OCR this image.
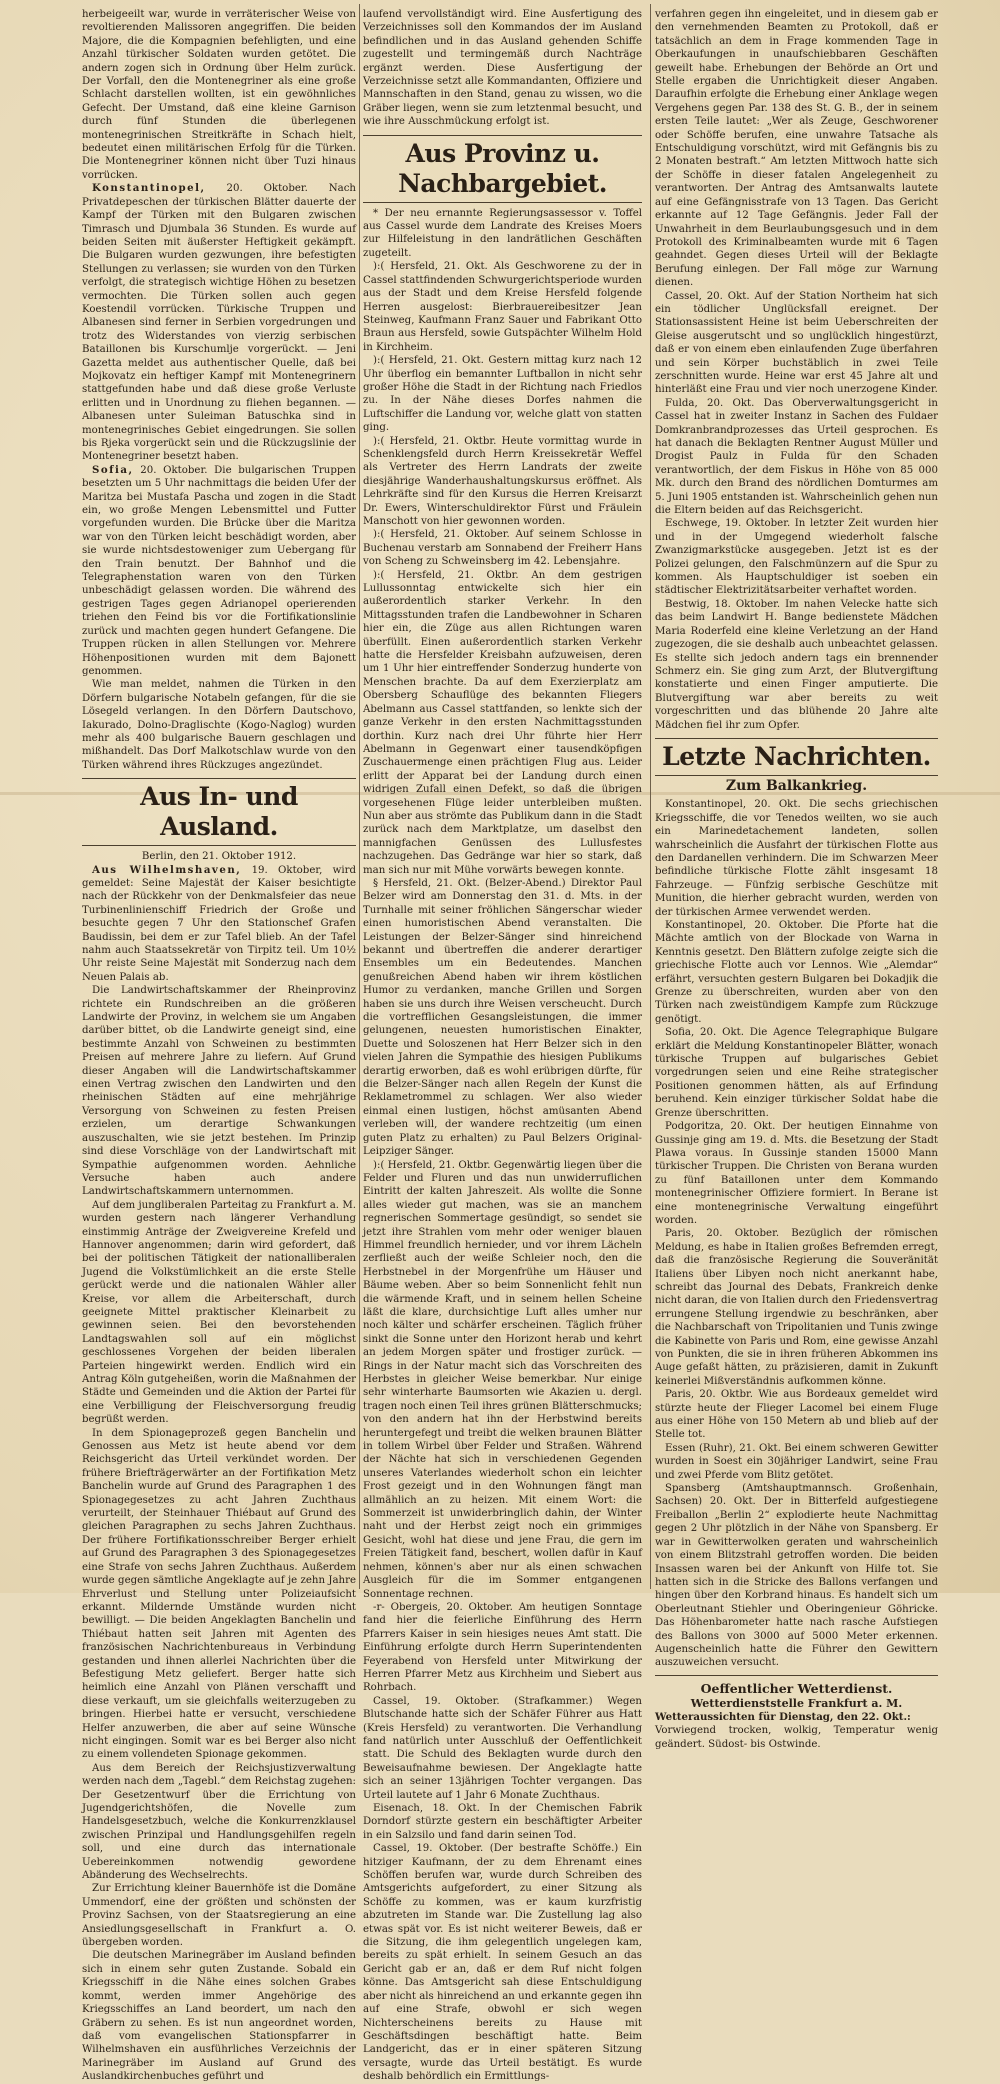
herbeigeeilt war, wurde in verräterischer Weise von revoltierenden Malissoren angegriffen. Die beiden Majore, die die Kompagnien befehligten, und eine Anzahl türkischer Soldaten wurden getötet. Die andern zogen sich in Ordnung über Helm zurück. Der Vorfall, den die Montenegriner als eine große Schlacht darstellen wollten, ist ein gewöhnliches Gefecht. Der Umstand, daß eine kleine Garnison durch fünf Stunden die überlegenen montenegrinischen Streitkräfte in Schach hielt, bedeutet einen militärischen Erfolg für die Türken. Die Montenegriner können nicht über Tuzi hinaus vorrücken.

Konstantinopel, 20. Oktober. Nach Privatdepeschen der türkischen Blätter dauerte der Kampf der Türken mit den Bulgaren zwischen Timrasch und Djumbala 36 Stunden. Es wurde auf beiden Seiten mit äußerster Heftigkeit gekämpft. Die Bulgaren wurden gezwungen, ihre befestigten Stellungen zu verlassen; sie wurden von den Türken verfolgt, die strategisch wichtige Höhen zu besetzen vermochten. Die Türken sollen auch gegen Koestendil vorrücken. Türkische Truppen und Albanesen sind ferner in Serbien vorgedrungen und trotz des Widerstandes von vierzig serbischen Bataillonen bis Kurschumlje vorgerückt. — Jeni Gazetta meldet aus authentischer Quelle, daß bei Mojkovatz ein heftiger Kampf mit Montenegrinern stattgefunden habe und daß diese große Verluste erlitten und in Unordnung zu fliehen begannen. — Albanesen unter Suleiman Batuschka sind in montenegrinisches Gebiet eingedrungen. Sie sollen bis Rjeka vorgerückt sein und die Rückzugslinie der Montenegriner besetzt haben.

Sofia, 20. Oktober. Die bulgarischen Truppen besetzten um 5 Uhr nachmittags die beiden Ufer der Maritza bei Mustafa Pascha und zogen in die Stadt ein, wo große Mengen Lebensmittel und Futter vorgefunden wurden. Die Brücke über die Maritza war von den Türken leicht beschädigt worden, aber sie wurde nichtsdestoweniger zum Uebergang für den Train benutzt. Der Bahnhof und die Telegraphenstation waren von den Türken unbeschädigt gelassen worden. Die während des gestrigen Tages gegen Adrianopel operierenden triehen den Feind bis vor die Fortifikationslinie zurück und machten gegen hundert Gefangene. Die Truppen rücken in allen Stellungen vor. Mehrere Höhenpositionen wurden mit dem Bajonett genommen.

Wie man meldet, nahmen die Türken in den Dörfern bulgarische Notabeln gefangen, für die sie Lösegeld verlangen. In den Dörfern Dautschovo, Iakurado, Dolno-Draglischte (Kogo-Naglog) wurden mehr als 400 bulgarische Bauern geschlagen und mißhandelt. Das Dorf Malkotschlaw wurde von den Türken während ihres Rückzuges angezündet.

Aus In- und Ausland.

Berlin, den 21. Oktober 1912.

Aus Wilhelmshaven, 19. Oktober, wird gemeldet: Seine Majestät der Kaiser besichtigte nach der Rückkehr von der Denkmalsfeier das neue Turbinenlinienschiff Friedrich der Große und besuchte gegen 7 Uhr den Stationschef Grafen Baudissin, bei dem er zur Tafel blieb. An der Tafel nahm auch Staatssekretär von Tirpitz teil. Um 10½ Uhr reiste Seine Majestät mit Sonderzug nach dem Neuen Palais ab.

Die Landwirtschaftskammer der Rheinprovinz richtete ein Rundschreiben an die größeren Landwirte der Provinz, in welchem sie um Angaben darüber bittet, ob die Landwirte geneigt sind, eine bestimmte Anzahl von Schweinen zu bestimmten Preisen auf mehrere Jahre zu liefern. Auf Grund dieser Angaben will die Landwirtschaftskammer einen Vertrag zwischen den Landwirten und den rheinischen Städten auf eine mehrjährige Versorgung von Schweinen zu festen Preisen erzielen, um derartige Schwankungen auszuschalten, wie sie jetzt bestehen. Im Prinzip sind diese Vorschläge von der Landwirtschaft mit Sympathie aufgenommen worden. Aehnliche Versuche haben auch andere Landwirtschaftskammern unternommen.

Auf dem jungliberalen Parteitag zu Frankfurt a. M. wurden gestern nach längerer Verhandlung einstimmig Anträge der Zweigvereine Krefeld und Hannover angenommen; darin wird gefordert, daß bei der politischen Tätigkeit der nationalliberalen Jugend die Volkstümlichkeit an die erste Stelle gerückt werde und die nationalen Wähler aller Kreise, vor allem die Arbeiterschaft, durch geeignete Mittel praktischer Kleinarbeit zu gewinnen seien. Bei den bevorstehenden Landtagswahlen soll auf ein möglichst geschlossenes Vorgehen der beiden liberalen Parteien hingewirkt werden. Endlich wird ein Antrag Köln gutgeheißen, worin die Maßnahmen der Städte und Gemeinden und die Aktion der Partei für eine Verbilligung der Fleischversorgung freudig begrüßt werden.

In dem Spionageprozeß gegen Banchelin und Genossen aus Metz ist heute abend vor dem Reichsgericht das Urteil verkündet worden. Der frühere Briefträgerwärter an der Fortifikation Metz Banchelin wurde auf Grund des Paragraphen 1 des Spionagegesetzes zu acht Jahren Zuchthaus verurteilt, der Steinhauer Thiébaut auf Grund des gleichen Paragraphen zu sechs Jahren Zuchthaus. Der frühere Fortifikationsschreiber Berger erhielt auf Grund des Paragraphen 3 des Spionagegesetzes eine Strafe von sechs Jahren Zuchthaus. Außerdem wurde gegen sämtliche Angeklagte auf je zehn Jahre Ehrverlust und Stellung unter Polizeiaufsicht erkannt. Mildernde Umstände wurden nicht bewilligt. — Die beiden Angeklagten Banchelin und Thiébaut hatten seit Jahren mit Agenten des französischen Nachrichtenbureaus in Verbindung gestanden und ihnen allerlei Nachrichten über die Befestigung Metz geliefert. Berger hatte sich heimlich eine Anzahl von Plänen verschafft und diese verkauft, um sie gleichfalls weiterzugeben zu bringen. Hierbei hatte er versucht, verschiedene Helfer anzuwerben, die aber auf seine Wünsche nicht eingingen. Somit war es bei Berger also nicht zu einem vollendeten Spionage gekommen.

Aus dem Bereich der Reichsjustizverwaltung werden nach dem „Tagebl.“ dem Reichstag zugehen: Der Gesetzentwurf über die Errichtung von Jugendgerichtshöfen, die Novelle zum Handelsgesetzbuch, welche die Konkurrenzklausel zwischen Prinzipal und Handlungsgehilfen regeln soll, und eine durch das internationale Uebereinkommen notwendig gewordene Abänderung des Wechselrechts.

Zur Errichtung kleiner Bauernhöfe ist die Domäne Ummendorf, eine der größten und schönsten der Provinz Sachsen, von der Staatsregierung an eine Ansiedlungsgesellschaft in Frankfurt a. O. übergeben worden.

Die deutschen Marinegräber im Ausland befinden sich in einem sehr guten Zustande. Sobald ein Kriegsschiff in die Nähe eines solchen Grabes kommt, werden immer Angehörige des Kriegsschiffes an Land beordert, um nach den Gräbern zu sehen. Es ist nun angeordnet worden, daß vom evangelischen Stationspfarrer in Wilhelmshaven ein ausführliches Verzeichnis der Marinegräber im Ausland auf Grund des Auslandkirchenbuches geführt und

laufend vervollständigt wird. Eine Ausfertigung des Verzeichnisses soll den Kommandos der im Ausland befindlichen und in das Ausland gehenden Schiffe zugestellt und termingemäß durch Nachträge ergänzt werden. Diese Ausfertigung der Verzeichnisse setzt alle Kommandanten, Offiziere und Mannschaften in den Stand, genau zu wissen, wo die Gräber liegen, wenn sie zum letztenmal besucht, und wie ihre Ausschmückung erfolgt ist.

Aus Provinz u. Nachbargebiet.

* Der neu ernannte Regierungsassessor v. Toffel aus Cassel wurde dem Landrate des Kreises Moers zur Hilfeleistung in den landrätlichen Geschäften zugeteilt.

):( Hersfeld, 21. Okt. Als Geschworene zu der in Cassel stattfindenden Schwurgerichtsperiode wurden aus der Stadt und dem Kreise Hersfeld folgende Herren ausgelost: Bierbrauereibesitzer Jean Steinweg, Kaufmann Franz Sauer und Fabrikant Otto Braun aus Hersfeld, sowie Gutspächter Wilhelm Hold in Kirchheim.

):( Hersfeld, 21. Okt. Gestern mittag kurz nach 12 Uhr überflog ein bemannter Luftballon in nicht sehr großer Höhe die Stadt in der Richtung nach Friedlos zu. In der Nähe dieses Dorfes nahmen die Luftschiffer die Landung vor, welche glatt von statten ging.

):( Hersfeld, 21. Oktbr. Heute vormittag wurde in Schenklengsfeld durch Herrn Kreissekretär Weffel als Vertreter des Herrn Landrats der zweite diesjährige Wanderhaushaltungskursus eröffnet. Als Lehrkräfte sind für den Kursus die Herren Kreisarzt Dr. Ewers, Winterschuldirektor Fürst und Fräulein Manschott von hier gewonnen worden.

):( Hersfeld, 21. Oktober. Auf seinem Schlosse in Buchenau verstarb am Sonnabend der Freiherr Hans von Scheng zu Schweinsberg im 42. Lebensjahre.

):( Hersfeld, 21. Oktbr. An dem gestrigen Lullussonntag entwickelte sich hier ein außerordentlich starker Verkehr. In den Mittagsstunden trafen die Landbewohner in Scharen hier ein, die Züge aus allen Richtungen waren überfüllt. Einen außerordentlich starken Verkehr hatte die Hersfelder Kreisbahn aufzuweisen, deren um 1 Uhr hier eintreffender Sonderzug hunderte von Menschen brachte. Da auf dem Exerzierplatz am Obersberg Schauflüge des bekannten Fliegers Abelmann aus Cassel stattfanden, so lenkte sich der ganze Verkehr in den ersten Nachmittagsstunden dorthin. Kurz nach drei Uhr führte hier Herr Abelmann in Gegenwart einer tausendköpfigen Zuschauermenge einen prächtigen Flug aus. Leider erlitt der Apparat bei der Landung durch einen widrigen Zufall einen Defekt, so daß die übrigen vorgesehenen Flüge leider unterbleiben mußten. Nun aber aus strömte das Publikum dann in die Stadt zurück nach dem Marktplatze, um daselbst den mannigfachen Genüssen des Lullusfestes nachzugehen. Das Gedränge war hier so stark, daß man sich nur mit Mühe vorwärts bewegen konnte.

§ Hersfeld, 21. Okt. (Belzer-Abend.) Direktor Paul Belzer wird am Donnerstag den 31. d. Mts. in der Turnhalle mit seiner fröhlichen Sängerschar wieder einen humoristischen Abend veranstalten. Die Leistungen der Belzer-Sänger sind hinreichend bekannt und übertreffen die anderer derartiger Ensembles um ein Bedeutendes. Manchen genußreichen Abend haben wir ihrem köstlichen Humor zu verdanken, manche Grillen und Sorgen haben sie uns durch ihre Weisen verscheucht. Durch die vortrefflichen Gesangsleistungen, die immer gelungenen, neuesten humoristischen Einakter, Duette und Soloszenen hat Herr Belzer sich in den vielen Jahren die Sympathie des hiesigen Publikums derartig erworben, daß es wohl erübrigen dürfte, für die Belzer-Sänger nach allen Regeln der Kunst die Reklametrommel zu schlagen. Wer also wieder einmal einen lustigen, höchst amüsanten Abend verleben will, der wandere rechtzeitig (um einen guten Platz zu erhalten) zu Paul Belzers Original-Leipziger Sänger.

):( Hersfeld, 21. Oktbr. Gegenwärtig liegen über die Felder und Fluren und das nun unwiderruflichen Eintritt der kalten Jahreszeit. Als wollte die Sonne alles wieder gut machen, was sie an manchem regnerischen Sommertage gesündigt, so sendet sie jetzt ihre Strahlen vom mehr oder weniger blauen Himmel freundlich hernieder, und vor ihrem Lächeln zerfließt auch der weiße Schleier noch, den die Herbstnebel in der Morgenfrühe um Häuser und Bäume weben. Aber so beim Sonnenlicht fehlt nun die wärmende Kraft, und in seinem hellen Scheine läßt die klare, durchsichtige Luft alles umher nur noch kälter und schärfer erscheinen. Täglich früher sinkt die Sonne unter den Horizont herab und kehrt an jedem Morgen später und frostiger zurück. — Rings in der Natur macht sich das Vorschreiten des Herbstes in gleicher Weise bemerkbar. Nur einige sehr winterharte Baumsorten wie Akazien u. dergl. tragen noch einen Teil ihres grünen Blätterschmucks; von den andern hat ihn der Herbstwind bereits heruntergefegt und treibt die welken braunen Blätter in tollem Wirbel über Felder und Straßen. Während der Nächte hat sich in verschiedenen Gegenden unseres Vaterlandes wiederholt schon ein leichter Frost gezeigt und in den Wohnungen fängt man allmählich an zu heizen. Mit einem Wort: die Sommerzeit ist unwiderbringlich dahin, der Winter naht und der Herbst zeigt noch ein grimmiges Gesicht, wohl hat diese und jene Frau, die gern im Freien Tätigkeit fand, beschert, wollen dafür in Kauf nehmen, können's aber nur als einen schwachen Ausgleich für die im Sommer entgangenen Sonnentage rechnen.

-r- Obergeis, 20. Oktober. Am heutigen Sonntage fand hier die feierliche Einführung des Herrn Pfarrers Kaiser in sein hiesiges neues Amt statt. Die Einführung erfolgte durch Herrn Superintendenten Feyerabend von Hersfeld unter Mitwirkung der Herren Pfarrer Metz aus Kirchheim und Siebert aus Rohrbach.

Cassel, 19. Oktober. (Strafkammer.) Wegen Blutschande hatte sich der Schäfer Führer aus Hatt (Kreis Hersfeld) zu verantworten. Die Verhandlung fand natürlich unter Ausschluß der Oeffentlichkeit statt. Die Schuld des Beklagten wurde durch den Beweisaufnahme bewiesen. Der Angeklagte hatte sich an seiner 13jährigen Tochter vergangen. Das Urteil lautete auf 1 Jahr 6 Monate Zuchthaus.

Eisenach, 18. Okt. In der Chemischen Fabrik Dorndorf stürzte gestern ein beschäftigter Arbeiter in ein Salzsilo und fand darin seinen Tod.

Cassel, 19. Oktober. (Der bestrafte Schöffe.) Ein hitziger Kaufmann, der zu dem Ehrenamt eines Schöffen berufen war, wurde durch Schreiben des Amtsgerichts aufgefordert, zu einer Sitzung als Schöffe zu kommen, was er kaum kurzfristig abzutreten im Stande war. Die Zustellung lag also etwas spät vor. Es ist nicht weiterer Beweis, daß er die Sitzung, die ihm gelegentlich ungelegen kam, bereits zu spät erhielt. In seinem Gesuch an das Gericht gab er an, daß er dem Ruf nicht folgen könne. Das Amtsgericht sah diese Entschuldigung aber nicht als hinreichend an und erkannte gegen ihn auf eine Strafe, obwohl er sich wegen Nichterscheinens bereits zu Hause mit Geschäftsdingen beschäftigt hatte. Beim Landgericht, das er in einer späteren Sitzung versagte, wurde das Urteil bestätigt. Es wurde deshalb behördlich ein Ermittlungs-

verfahren gegen ihn eingeleitet, und in diesem gab er den vernehmenden Beamten zu Protokoll, daß er tatsächlich an dem in Frage kommenden Tage in Oberkaufungen in unaufschiebbaren Geschäften geweilt habe. Erhebungen der Behörde an Ort und Stelle ergaben die Unrichtigkeit dieser Angaben. Daraufhin erfolgte die Erhebung einer Anklage wegen Vergehens gegen Par. 138 des St. G. B., der in seinem ersten Teile lautet: „Wer als Zeuge, Geschworener oder Schöffe berufen, eine unwahre Tatsache als Entschuldigung vorschützt, wird mit Gefängnis bis zu 2 Monaten bestraft.“ Am letzten Mittwoch hatte sich der Schöffe in dieser fatalen Angelegenheit zu verantworten. Der Antrag des Amtsanwalts lautete auf eine Gefängnisstrafe von 13 Tagen. Das Gericht erkannte auf 12 Tage Gefängnis. Jeder Fall der Unwahrheit in dem Beurlaubungsgesuch und in dem Protokoll des Kriminalbeamten wurde mit 6 Tagen geahndet. Gegen dieses Urteil will der Beklagte Berufung einlegen. Der Fall möge zur Warnung dienen.

Cassel, 20. Okt. Auf der Station Northeim hat sich ein tödlicher Unglücksfall ereignet. Der Stationsassistent Heine ist beim Ueberschreiten der Gleise ausgerutscht und so unglücklich hingestürzt, daß er von einem eben einlaufenden Zuge überfahren und sein Körper buchstäblich in zwei Teile zerschnitten wurde. Heine war erst 45 Jahre alt und hinterläßt eine Frau und vier noch unerzogene Kinder.

Fulda, 20. Okt. Das Oberverwaltungsgericht in Cassel hat in zweiter Instanz in Sachen des Fuldaer Domkranbrandprozesses das Urteil gesprochen. Es hat danach die Beklagten Rentner August Müller und Drogist Paulz in Fulda für den Schaden verantwortlich, der dem Fiskus in Höhe von 85 000 Mk. durch den Brand des nördlichen Domturmes am 5. Juni 1905 entstanden ist. Wahrscheinlich gehen nun die Eltern beiden auf das Reichsgericht.

Eschwege, 19. Oktober. In letzter Zeit wurden hier und in der Umgegend wiederholt falsche Zwanzigmarkstücke ausgegeben. Jetzt ist es der Polizei gelungen, den Falschmünzern auf die Spur zu kommen. Als Hauptschuldiger ist soeben ein städtischer Elektrizitätsarbeiter verhaftet worden.

Bestwig, 18. Oktober. Im nahen Velecke hatte sich das beim Landwirt H. Bange bedienstete Mädchen Maria Roderfeld eine kleine Verletzung an der Hand zugezogen, die sie deshalb auch unbeachtet gelassen. Es stellte sich jedoch andern tags ein brennender Schmerz ein. Sie ging zum Arzt, der Blutvergiftung konstatierte und einen Finger amputierte. Die Blutvergiftung war aber bereits zu weit vorgeschritten und das blühende 20 Jahre alte Mädchen fiel ihr zum Opfer.

Letzte Nachrichten.
Zum Balkankrieg.

Konstantinopel, 20. Okt. Die sechs griechischen Kriegsschiffe, die vor Tenedos weilten, wo sie auch ein Marinedetachement landeten, sollen wahrscheinlich die Ausfahrt der türkischen Flotte aus den Dardanellen verhindern. Die im Schwarzen Meer befindliche türkische Flotte zählt insgesamt 18 Fahrzeuge. — Fünfzig serbische Geschütze mit Munition, die hierher gebracht wurden, werden von der türkischen Armee verwendet werden.

Konstantinopel, 20. Oktober. Die Pforte hat die Mächte amtlich von der Blockade von Warna in Kenntnis gesetzt. Den Blättern zufolge zeigte sich die griechische Flotte auch vor Lennos. Wie „Alemdar“ erfährt, versuchten gestern Bulgaren bei Dokadjik die Grenze zu überschreiten, wurden aber von den Türken nach zweistündigem Kampfe zum Rückzuge genötigt.

Sofia, 20. Okt. Die Agence Telegraphique Bulgare erklärt die Meldung Konstantinopeler Blätter, wonach türkische Truppen auf bulgarisches Gebiet vorgedrungen seien und eine Reihe strategischer Positionen genommen hätten, als auf Erfindung beruhend. Kein einziger türkischer Soldat habe die Grenze überschritten.

Podgoritza, 20. Okt. Der heutigen Einnahme von Gussinje ging am 19. d. Mts. die Besetzung der Stadt Plawa voraus. In Gussinje standen 15000 Mann türkischer Truppen. Die Christen von Berana wurden zu fünf Bataillonen unter dem Kommando montenegrinischer Offiziere formiert. In Berane ist eine montenegrinische Verwaltung eingeführt worden.

Paris, 20. Oktober. Bezüglich der römischen Meldung, es habe in Italien großes Befremden erregt, daß die französische Regierung die Souveränität Italiens über Libyen noch nicht anerkannt habe, schreibt das Journal des Debats, Frankreich denke nicht daran, die von Italien durch den Friedensvertrag errungene Stellung irgendwie zu beschränken, aber die Nachbarschaft von Tripolitanien und Tunis zwinge die Kabinette von Paris und Rom, eine gewisse Anzahl von Punkten, die sie in ihren früheren Abkommen ins Auge gefaßt hätten, zu präzisieren, damit in Zukunft keinerlei Mißverständnis aufkommen könne.

Paris, 20. Oktbr. Wie aus Bordeaux gemeldet wird stürzte heute der Flieger Lacomel bei einem Fluge aus einer Höhe von 150 Metern ab und blieb auf der Stelle tot.

Essen (Ruhr), 21. Okt. Bei einem schweren Gewitter wurden in Soest ein 30jähriger Landwirt, seine Frau und zwei Pferde vom Blitz getötet.

Spansberg (Amtshauptmannsch. Großenhain, Sachsen) 20. Okt. Der in Bitterfeld aufgestiegene Freiballon „Berlin 2“ explodierte heute Nachmittag gegen 2 Uhr plötzlich in der Nähe von Spansberg. Er war in Gewitterwolken geraten und wahrscheinlich von einem Blitzstrahl getroffen worden. Die beiden Insassen waren bei der Ankunft von Hilfe tot. Sie hatten sich in die Stricke des Ballons verfangen und hingen über den Korbrand hinaus. Es handelt sich um Oberleutnant Stiehler und Oberingenieur Göhricke. Das Höhenbarometer hatte nach rasche Aufstiegen des Ballons von 3000 auf 5000 Meter erkennen. Augenscheinlich hatte die Führer den Gewittern auszuweichen versucht.

Oeffentlicher Wetterdienst.
Wetterdienststelle Frankfurt a. M.

Wetteraussichten für Dienstag, den 22. Okt.:

Vorwiegend trocken, wolkig, Temperatur wenig geändert. Südost- bis Ostwinde.
